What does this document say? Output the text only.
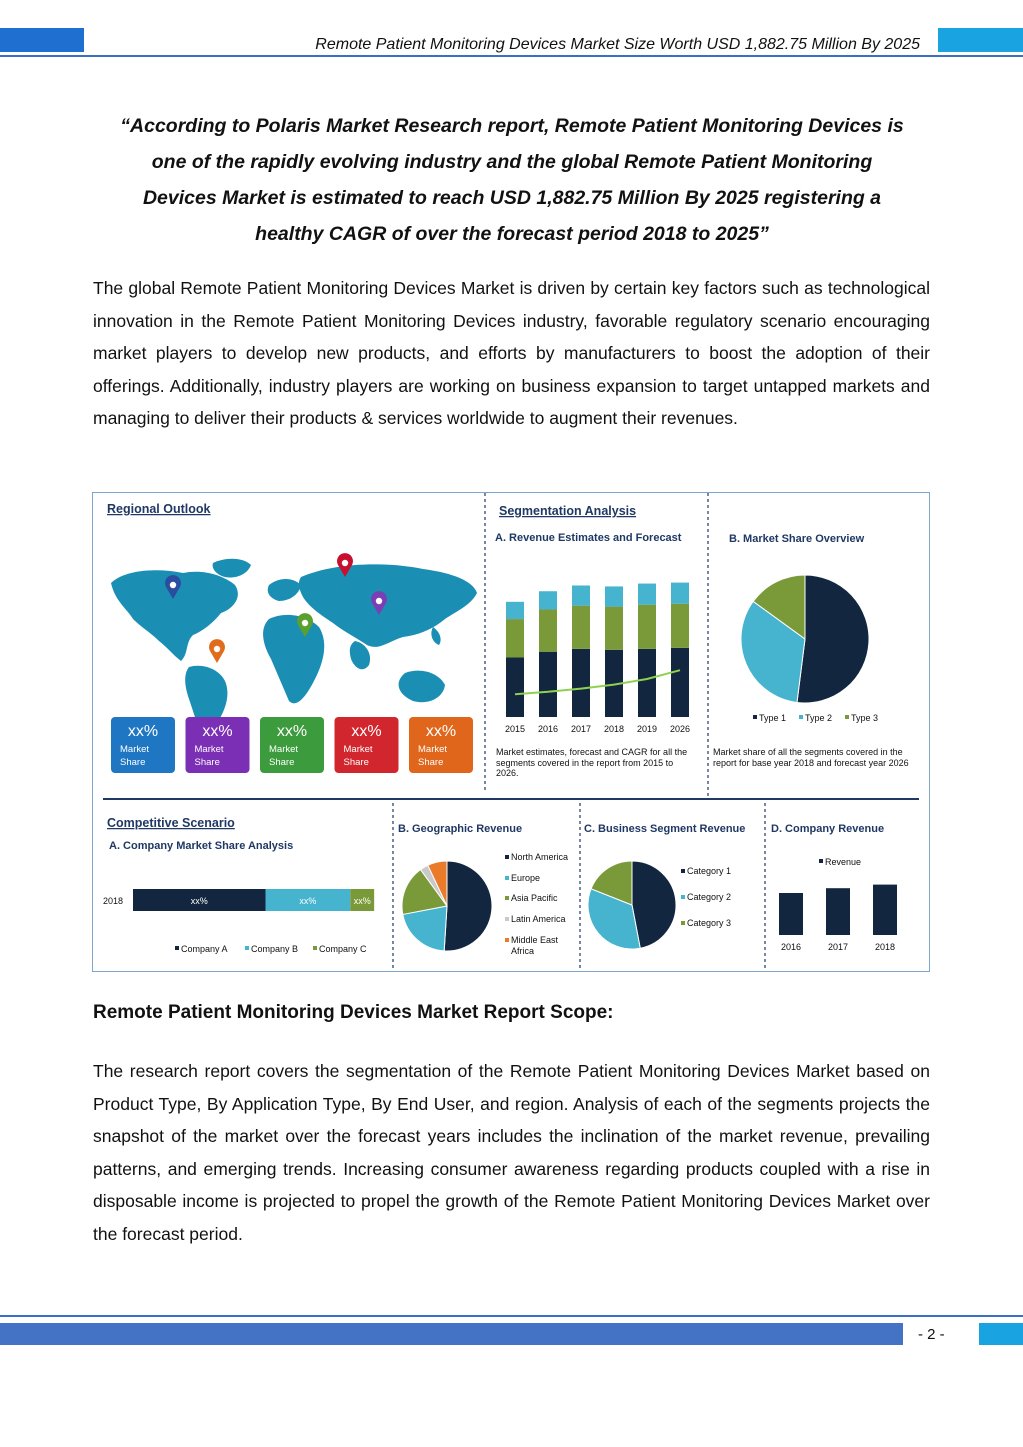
Remote Patient Monitoring Devices Market Size Worth USD 1,882.75 Million By 2025
“According to Polaris Market Research report, Remote Patient Monitoring Devices is
one of the rapidly evolving industry and the global Remote Patient Monitoring
Devices Market is estimated to reach USD 1,882.75 Million By 2025 registering a
healthy CAGR of over the forecast period 2018 to 2025”
The global Remote Patient Monitoring Devices Market is driven by certain key factors such as technological innovation in the Remote Patient Monitoring Devices industry, favorable regulatory scenario encouraging market players to develop new products, and efforts by manufacturers to boost the adoption of their offerings. Additionally, industry players are working on business expansion to target untapped markets and managing to deliver their products & services worldwide to augment their revenues.
Regional Outlook
xx%
Market
Share
xx%
Market
Share
xx%
Market
Share
xx%
Market
Share
xx%
Market
Share
Segmentation Analysis
A. Revenue Estimates and Forecast
2015 2016 2017 2018 2019 2026
Market estimates, forecast and CAGR for all the segments covered in the report from 2015 to 2026.
B. Market Share Overview
Type 1 Type 2 Type 3
Market share of all the segments covered in the report for base year 2018 and forecast year 2026
Competitive Scenario
A. Company Market Share Analysis
2018	xx%	xx%	xx%
Company A	Company B Company C
B. Geographic Revenue
North America
Europe
Asia Pacific
Latin America
Middle East
Africa
C. Business Segment Revenue
Category 1
Category 2
Category 3
D. Company Revenue
Revenue
2016	2017	2018
Remote Patient Monitoring Devices Market Report Scope:
The research report covers the segmentation of the Remote Patient Monitoring Devices Market based on Product Type, By Application Type, By End User, and region. Analysis of each of the segments projects the snapshot of the market over the forecast years includes the inclination of the market revenue, prevailing patterns, and emerging trends. Increasing consumer awareness regarding products coupled with a rise in disposable income is projected to propel the growth of the Remote Patient Monitoring Devices Market over the forecast period.
- 2 -
